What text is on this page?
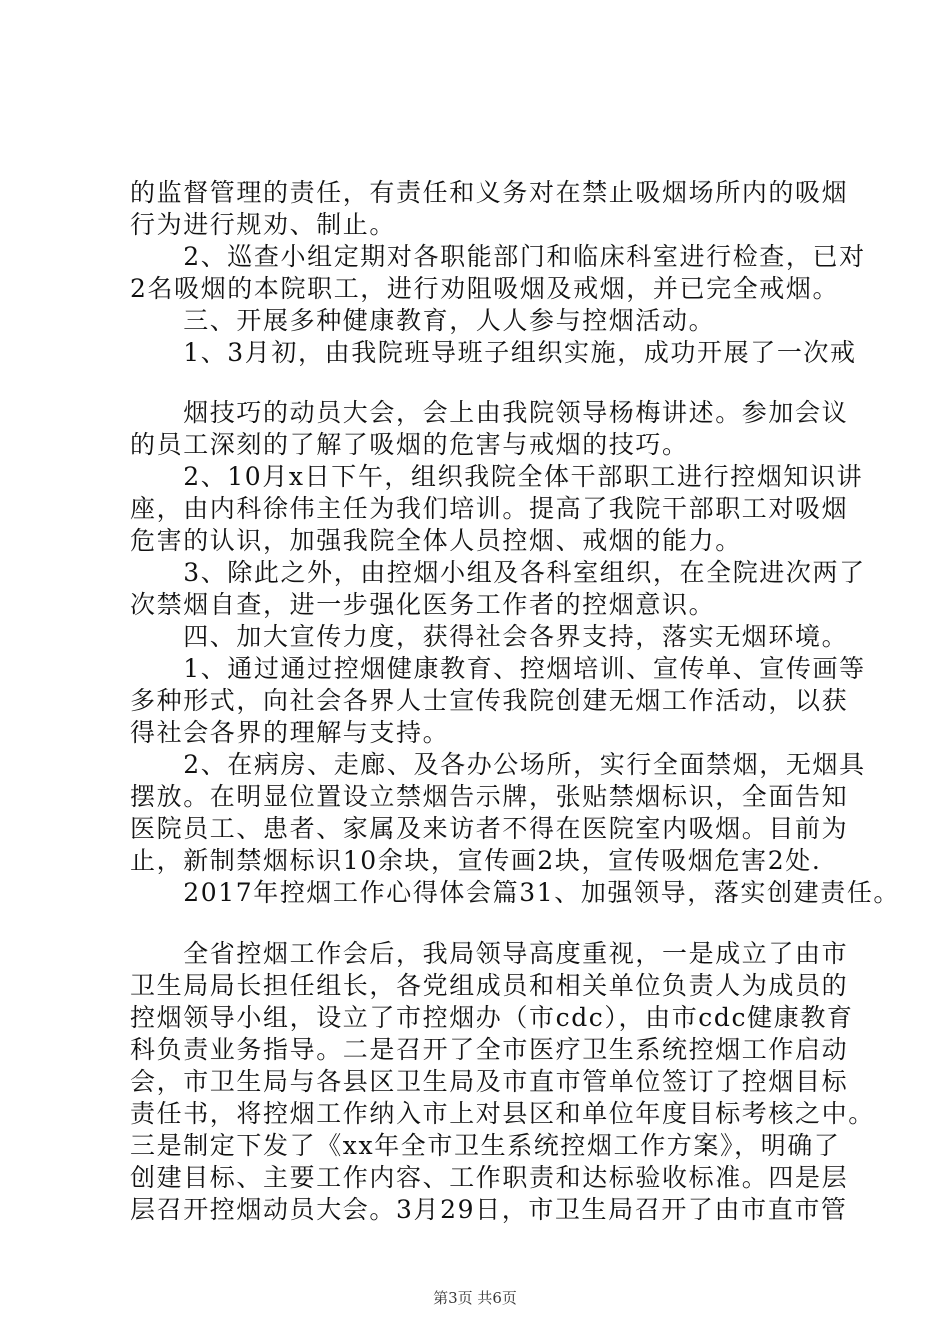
的监督管理的责任，有责任和义务对在禁止吸烟场所内的吸烟
行为进行规劝、制止。
　　2、巡查小组定期对各职能部门和临床科室进行检查，已对
2名吸烟的本院职工，进行劝阻吸烟及戒烟，并已完全戒烟。
　　三、开展多种健康教育，人人参与控烟活动。
　　1、3月初，由我院班导班子组织实施，成功开展了一次戒
　　烟技巧的动员大会，会上由我院领导杨梅讲述。参加会议
的员工深刻的了解了吸烟的危害与戒烟的技巧。
　　2、10月x日下午，组织我院全体干部职工进行控烟知识讲
座，由内科徐伟主任为我们培训。提高了我院干部职工对吸烟
危害的认识，加强我院全体人员控烟、戒烟的能力。
　　3、除此之外，由控烟小组及各科室组织，在全院进次两了
次禁烟自查，进一步强化医务工作者的控烟意识。
　　四、加大宣传力度，获得社会各界支持，落实无烟环境。
　　1、通过通过控烟健康教育、控烟培训、宣传单、宣传画等
多种形式，向社会各界人士宣传我院创建无烟工作活动，以获
得社会各界的理解与支持。
　　2、在病房、走廊、及各办公场所，实行全面禁烟，无烟具
摆放。在明显位置设立禁烟告示牌，张贴禁烟标识，全面告知
医院员工、患者、家属及来访者不得在医院室内吸烟。目前为
止，新制禁烟标识10余块，宣传画2块，宣传吸烟危害2处.
　　2017年控烟工作心得体会篇31、加强领导，落实创建责任。
　　全省控烟工作会后，我局领导高度重视，一是成立了由市
卫生局局长担任组长，各党组成员和相关单位负责人为成员的
控烟领导小组，设立了市控烟办（市cdc），由市cdc健康教育
科负责业务指导。二是召开了全市医疗卫生系统控烟工作启动
会，市卫生局与各县区卫生局及市直市管单位签订了控烟目标
责任书，将控烟工作纳入市上对县区和单位年度目标考核之中。
三是制定下发了《xx年全市卫生系统控烟工作方案》，明确了
创建目标、主要工作内容、工作职责和达标验收标准。四是层
层召开控烟动员大会。3月29日，市卫生局召开了由市直市管
第3页 共6页
